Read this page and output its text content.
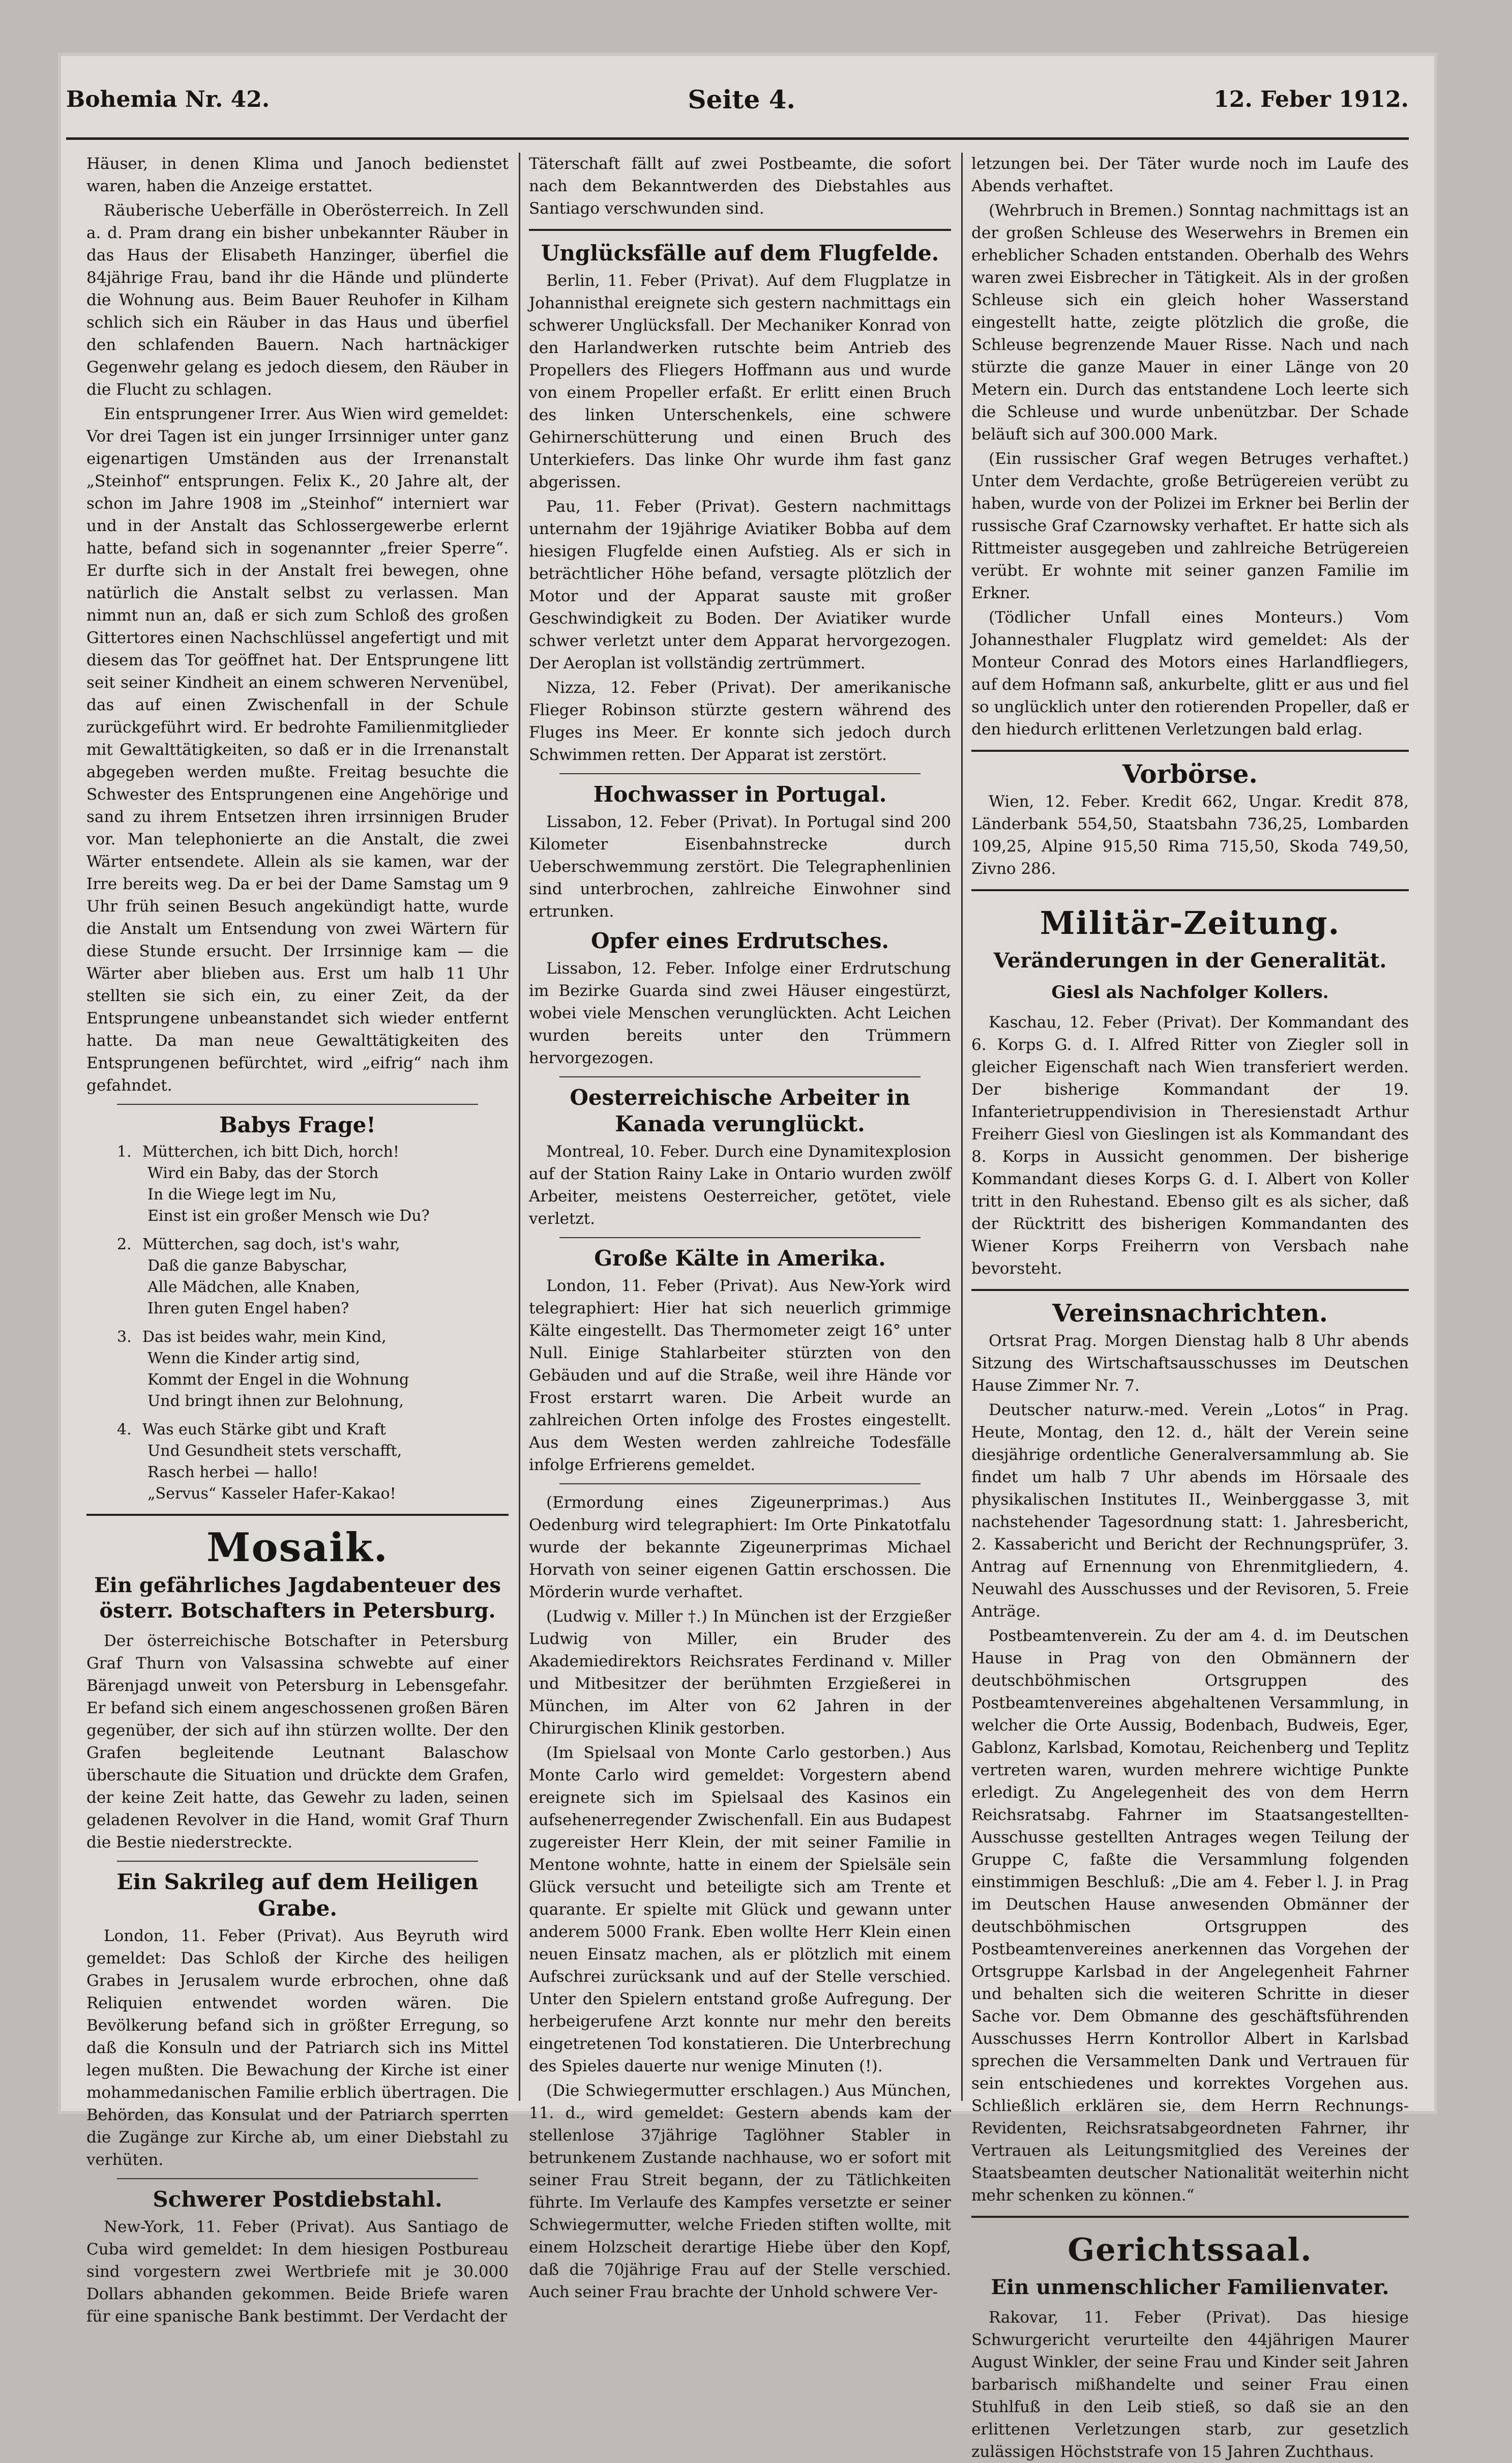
Bohemia Nr. 42.	Seite 4.	12. Feber 1912.

Häuser, in denen Klima und Janoch bedienstet waren, haben die Anzeige erstattet.

Räuberische Ueberfälle in Oberösterreich. In Zell a. d. Pram drang ein bisher unbekannter Räuber in das Haus der Elisabeth Hanzinger, überfiel die 84jährige Frau, band ihr die Hände und plünderte die Wohnung aus. Beim Bauer Reuhofer in Kilham schlich sich ein Räuber in das Haus und überfiel den schlafenden Bauern. Nach hartnäckiger Gegenwehr gelang es jedoch diesem, den Räuber in die Flucht zu schlagen.

Ein entsprungener Irrer. Aus Wien wird gemeldet: Vor drei Tagen ist ein junger Irrsinniger unter ganz eigenartigen Umständen aus der Irrenanstalt „Steinhof“ entsprungen. Felix K., 20 Jahre alt, der schon im Jahre 1908 im „Steinhof“ interniert war und in der Anstalt das Schlossergewerbe erlernt hatte, befand sich in sogenannter „freier Sperre“. Er durfte sich in der Anstalt frei bewegen, ohne natürlich die Anstalt selbst zu verlassen. Man nimmt nun an, daß er sich zum Schloß des großen Gittertores einen Nachschlüssel angefertigt und mit diesem das Tor geöffnet hat. Der Entsprungene litt seit seiner Kindheit an einem schweren Nervenübel, das auf einen Zwischenfall in der Schule zurückgeführt wird. Er bedrohte Familienmitglieder mit Gewalttätigkeiten, so daß er in die Irrenanstalt abgegeben werden mußte. Freitag besuchte die Schwester des Entsprungenen eine Angehörige und sand zu ihrem Entsetzen ihren irrsinnigen Bruder vor. Man telephonierte an die Anstalt, die zwei Wärter entsendete. Allein als sie kamen, war der Irre bereits weg. Da er bei der Dame Samstag um 9 Uhr früh seinen Besuch angekündigt hatte, wurde die Anstalt um Entsendung von zwei Wärtern für diese Stunde ersucht. Der Irrsinnige kam — die Wärter aber blieben aus. Erst um halb 11 Uhr stellten sie sich ein, zu einer Zeit, da der Entsprungene unbeanstandet sich wieder entfernt hatte. Da man neue Gewalttätigkeiten des Entsprungenen befürchtet, wird „eifrig“ nach ihm gefahndet.

Babys Frage!
1. Mütterchen, ich bitt Dich, horch!
Wird ein Baby, das der Storch
In die Wiege legt im Nu,
Einst ist ein großer Mensch wie Du?
2. Mütterchen, sag doch, ist's wahr,
Daß die ganze Babyschar,
Alle Mädchen, alle Knaben,
Ihren guten Engel haben?
3. Das ist beides wahr, mein Kind,
Wenn die Kinder artig sind,
Kommt der Engel in die Wohnung
Und bringt ihnen zur Belohnung,
4. Was euch Stärke gibt und Kraft
Und Gesundheit stets verschafft,
Rasch herbei — hallo!
„Servus“ Kasseler Hafer-Kakao!
Mosaik.
Ein gefährliches Jagdabenteuer des österr. Botschafters in Petersburg.

Der österreichische Botschafter in Petersburg Graf Thurn von Valsassina schwebte auf einer Bärenjagd unweit von Petersburg in Lebensgefahr. Er befand sich einem angeschossenen großen Bären gegenüber, der sich auf ihn stürzen wollte. Der den Grafen begleitende Leutnant Balaschow überschaute die Situation und drückte dem Grafen, der keine Zeit hatte, das Gewehr zu laden, seinen geladenen Revolver in die Hand, womit Graf Thurn die Bestie niederstreckte.

Ein Sakrileg auf dem Heiligen Grabe.

London, 11. Feber (Privat). Aus Beyruth wird gemeldet: Das Schloß der Kirche des heiligen Grabes in Jerusalem wurde erbrochen, ohne daß Reliquien entwendet worden wären. Die Bevölkerung befand sich in größter Erregung, so daß die Konsuln und der Patriarch sich ins Mittel legen mußten. Die Bewachung der Kirche ist einer mohammedanischen Familie erblich übertragen. Die Behörden, das Konsulat und der Patriarch sperrten die Zugänge zur Kirche ab, um einer Diebstahl zu verhüten.

Schwerer Postdiebstahl.

New-York, 11. Feber (Privat). Aus Santiago de Cuba wird gemeldet: In dem hiesigen Postbureau sind vorgestern zwei Wertbriefe mit je 30.000 Dollars abhanden gekommen. Beide Briefe waren für eine spanische Bank bestimmt. Der Verdacht der

Täterschaft fällt auf zwei Postbeamte, die sofort nach dem Bekanntwerden des Diebstahles aus Santiago verschwunden sind.

Unglücksfälle auf dem Flugfelde.

Berlin, 11. Feber (Privat). Auf dem Flugplatze in Johannisthal ereignete sich gestern nachmittags ein schwerer Unglücksfall. Der Mechaniker Konrad von den Harlandwerken rutschte beim Antrieb des Propellers des Fliegers Hoffmann aus und wurde von einem Propeller erfaßt. Er erlitt einen Bruch des linken Unterschenkels, eine schwere Gehirnerschütterung und einen Bruch des Unterkiefers. Das linke Ohr wurde ihm fast ganz abgerissen.

Pau, 11. Feber (Privat). Gestern nachmittags unternahm der 19jährige Aviatiker Bobba auf dem hiesigen Flugfelde einen Aufstieg. Als er sich in beträchtlicher Höhe befand, versagte plötzlich der Motor und der Apparat sauste mit großer Geschwindigkeit zu Boden. Der Aviatiker wurde schwer verletzt unter dem Apparat hervorgezogen. Der Aeroplan ist vollständig zertrümmert.

Nizza, 12. Feber (Privat). Der amerikanische Flieger Robinson stürzte gestern während des Fluges ins Meer. Er konnte sich jedoch durch Schwimmen retten. Der Apparat ist zerstört.

Hochwasser in Portugal.

Lissabon, 12. Feber (Privat). In Portugal sind 200 Kilometer Eisenbahnstrecke durch Ueberschwemmung zerstört. Die Telegraphenlinien sind unterbrochen, zahlreiche Einwohner sind ertrunken.

Opfer eines Erdrutsches.

Lissabon, 12. Feber. Infolge einer Erdrutschung im Bezirke Guarda sind zwei Häuser eingestürzt, wobei viele Menschen verunglückten. Acht Leichen wurden bereits unter den Trümmern hervorgezogen.

Oesterreichische Arbeiter in Kanada verunglückt.

Montreal, 10. Feber. Durch eine Dynamitexplosion auf der Station Rainy Lake in Ontario wurden zwölf Arbeiter, meistens Oesterreicher, getötet, viele verletzt.

Große Kälte in Amerika.

London, 11. Feber (Privat). Aus New-York wird telegraphiert: Hier hat sich neuerlich grimmige Kälte eingestellt. Das Thermometer zeigt 16° unter Null. Einige Stahlarbeiter stürzten von den Gebäuden und auf die Straße, weil ihre Hände vor Frost erstarrt waren. Die Arbeit wurde an zahlreichen Orten infolge des Frostes eingestellt. Aus dem Westen werden zahlreiche Todesfälle infolge Erfrierens gemeldet.

(Ermordung eines Zigeunerprimas.) Aus Oedenburg wird telegraphiert: Im Orte Pinkatotfalu wurde der bekannte Zigeunerprimas Michael Horvath von seiner eigenen Gattin erschossen. Die Mörderin wurde verhaftet.

(Ludwig v. Miller †.) In München ist der Erzgießer Ludwig von Miller, ein Bruder des Akademiedirektors Reichsrates Ferdinand v. Miller und Mitbesitzer der berühmten Erzgießerei in München, im Alter von 62 Jahren in der Chirurgischen Klinik gestorben.

(Im Spielsaal von Monte Carlo gestorben.) Aus Monte Carlo wird gemeldet: Vorgestern abend ereignete sich im Spielsaal des Kasinos ein aufsehenerregender Zwischenfall. Ein aus Budapest zugereister Herr Klein, der mit seiner Familie in Mentone wohnte, hatte in einem der Spielsäle sein Glück versucht und beteiligte sich am Trente et quarante. Er spielte mit Glück und gewann unter anderem 5000 Frank. Eben wollte Herr Klein einen neuen Einsatz machen, als er plötzlich mit einem Aufschrei zurücksank und auf der Stelle verschied. Unter den Spielern entstand große Aufregung. Der herbeigerufene Arzt konnte nur mehr den bereits eingetretenen Tod konstatieren. Die Unterbrechung des Spieles dauerte nur wenige Minuten (!).

(Die Schwiegermutter erschlagen.) Aus München, 11. d., wird gemeldet: Gestern abends kam der stellenlose 37jährige Taglöhner Stabler in betrunkenem Zustande nachhause, wo er sofort mit seiner Frau Streit begann, der zu Tätlichkeiten führte. Im Verlaufe des Kampfes versetzte er seiner Schwiegermutter, welche Frieden stiften wollte, mit einem Holzscheit derartige Hiebe über den Kopf, daß die 70jährige Frau auf der Stelle verschied. Auch seiner Frau brachte der Unhold schwere Ver-

letzungen bei. Der Täter wurde noch im Laufe des Abends verhaftet.

(Wehrbruch in Bremen.) Sonntag nachmittags ist an der großen Schleuse des Weserwehrs in Bremen ein erheblicher Schaden entstanden. Oberhalb des Wehrs waren zwei Eisbrecher in Tätigkeit. Als in der großen Schleuse sich ein gleich hoher Wasserstand eingestellt hatte, zeigte plötzlich die große, die Schleuse begrenzende Mauer Risse. Nach und nach stürzte die ganze Mauer in einer Länge von 20 Metern ein. Durch das entstandene Loch leerte sich die Schleuse und wurde unbenützbar. Der Schade beläuft sich auf 300.000 Mark.

(Ein russischer Graf wegen Betruges verhaftet.) Unter dem Verdachte, große Betrügereien verübt zu haben, wurde von der Polizei im Erkner bei Berlin der russische Graf Czarnowsky verhaftet. Er hatte sich als Rittmeister ausgegeben und zahlreiche Betrügereien verübt. Er wohnte mit seiner ganzen Familie im Erkner.

(Tödlicher Unfall eines Monteurs.) Vom Johannesthaler Flugplatz wird gemeldet: Als der Monteur Conrad des Motors eines Harlandfliegers, auf dem Hofmann saß, ankurbelte, glitt er aus und fiel so unglücklich unter den rotierenden Propeller, daß er den hiedurch erlittenen Verletzungen bald erlag.

Vorbörse.

Wien, 12. Feber. Kredit 662, Ungar. Kredit 878, Länderbank 554,50, Staatsbahn 736,25, Lombarden 109,25, Alpine 915,50 Rima 715,50, Skoda 749,50, Zivno 286.

Militär-Zeitung.
Veränderungen in der Generalität.
Giesl als Nachfolger Kollers.

Kaschau, 12. Feber (Privat). Der Kommandant des 6. Korps G. d. I. Alfred Ritter von Ziegler soll in gleicher Eigenschaft nach Wien transferiert werden. Der bisherige Kommandant der 19. Infanterietruppendivision in Theresienstadt Arthur Freiherr Giesl von Gieslingen ist als Kommandant des 8. Korps in Aussicht genommen. Der bisherige Kommandant dieses Korps G. d. I. Albert von Koller tritt in den Ruhestand. Ebenso gilt es als sicher, daß der Rücktritt des bisherigen Kommandanten des Wiener Korps Freiherrn von Versbach nahe bevorsteht.

Vereinsnachrichten.

Ortsrat Prag. Morgen Dienstag halb 8 Uhr abends Sitzung des Wirtschaftsausschusses im Deutschen Hause Zimmer Nr. 7.

Deutscher naturw.-med. Verein „Lotos“ in Prag. Heute, Montag, den 12. d., hält der Verein seine diesjährige ordentliche Generalversammlung ab. Sie findet um halb 7 Uhr abends im Hörsaale des physikalischen Institutes II., Weinberggasse 3, mit nachstehender Tagesordnung statt: 1. Jahresbericht, 2. Kassabericht und Bericht der Rechnungsprüfer, 3. Antrag auf Ernennung von Ehrenmitgliedern, 4. Neuwahl des Ausschusses und der Revisoren, 5. Freie Anträge.

Postbeamtenverein. Zu der am 4. d. im Deutschen Hause in Prag von den Obmännern der deutschböhmischen Ortsgruppen des Postbeamtenvereines abgehaltenen Versammlung, in welcher die Orte Aussig, Bodenbach, Budweis, Eger, Gablonz, Karlsbad, Komotau, Reichenberg und Teplitz vertreten waren, wurden mehrere wichtige Punkte erledigt. Zu Angelegenheit des von dem Herrn Reichsratsabg. Fahrner im Staatsangestellten-Ausschusse gestellten Antrages wegen Teilung der Gruppe C, faßte die Versammlung folgenden einstimmigen Beschluß: „Die am 4. Feber l. J. in Prag im Deutschen Hause anwesenden Obmänner der deutschböhmischen Ortsgruppen des Postbeamtenvereines anerkennen das Vorgehen der Ortsgruppe Karlsbad in der Angelegenheit Fahrner und behalten sich die weiteren Schritte in dieser Sache vor. Dem Obmanne des geschäftsführenden Ausschusses Herrn Kontrollor Albert in Karlsbad sprechen die Versammelten Dank und Vertrauen für sein entschiedenes und korrektes Vorgehen aus. Schließlich erklären sie, dem Herrn Rechnungs-Revidenten, Reichsratsabgeordneten Fahrner, ihr Vertrauen als Leitungsmitglied des Vereines der Staatsbeamten deutscher Nationalität weiterhin nicht mehr schenken zu können.“

Gerichtssaal.
Ein unmenschlicher Familienvater.

Rakovar, 11. Feber (Privat). Das hiesige Schwurgericht verurteilte den 44jährigen Maurer August Winkler, der seine Frau und Kinder seit Jahren barbarisch mißhandelte und seiner Frau einen Stuhlfuß in den Leib stieß, so daß sie an den erlittenen Verletzungen starb, zur gesetzlich zulässigen Höchststrafe von 15 Jahren Zuchthaus.
